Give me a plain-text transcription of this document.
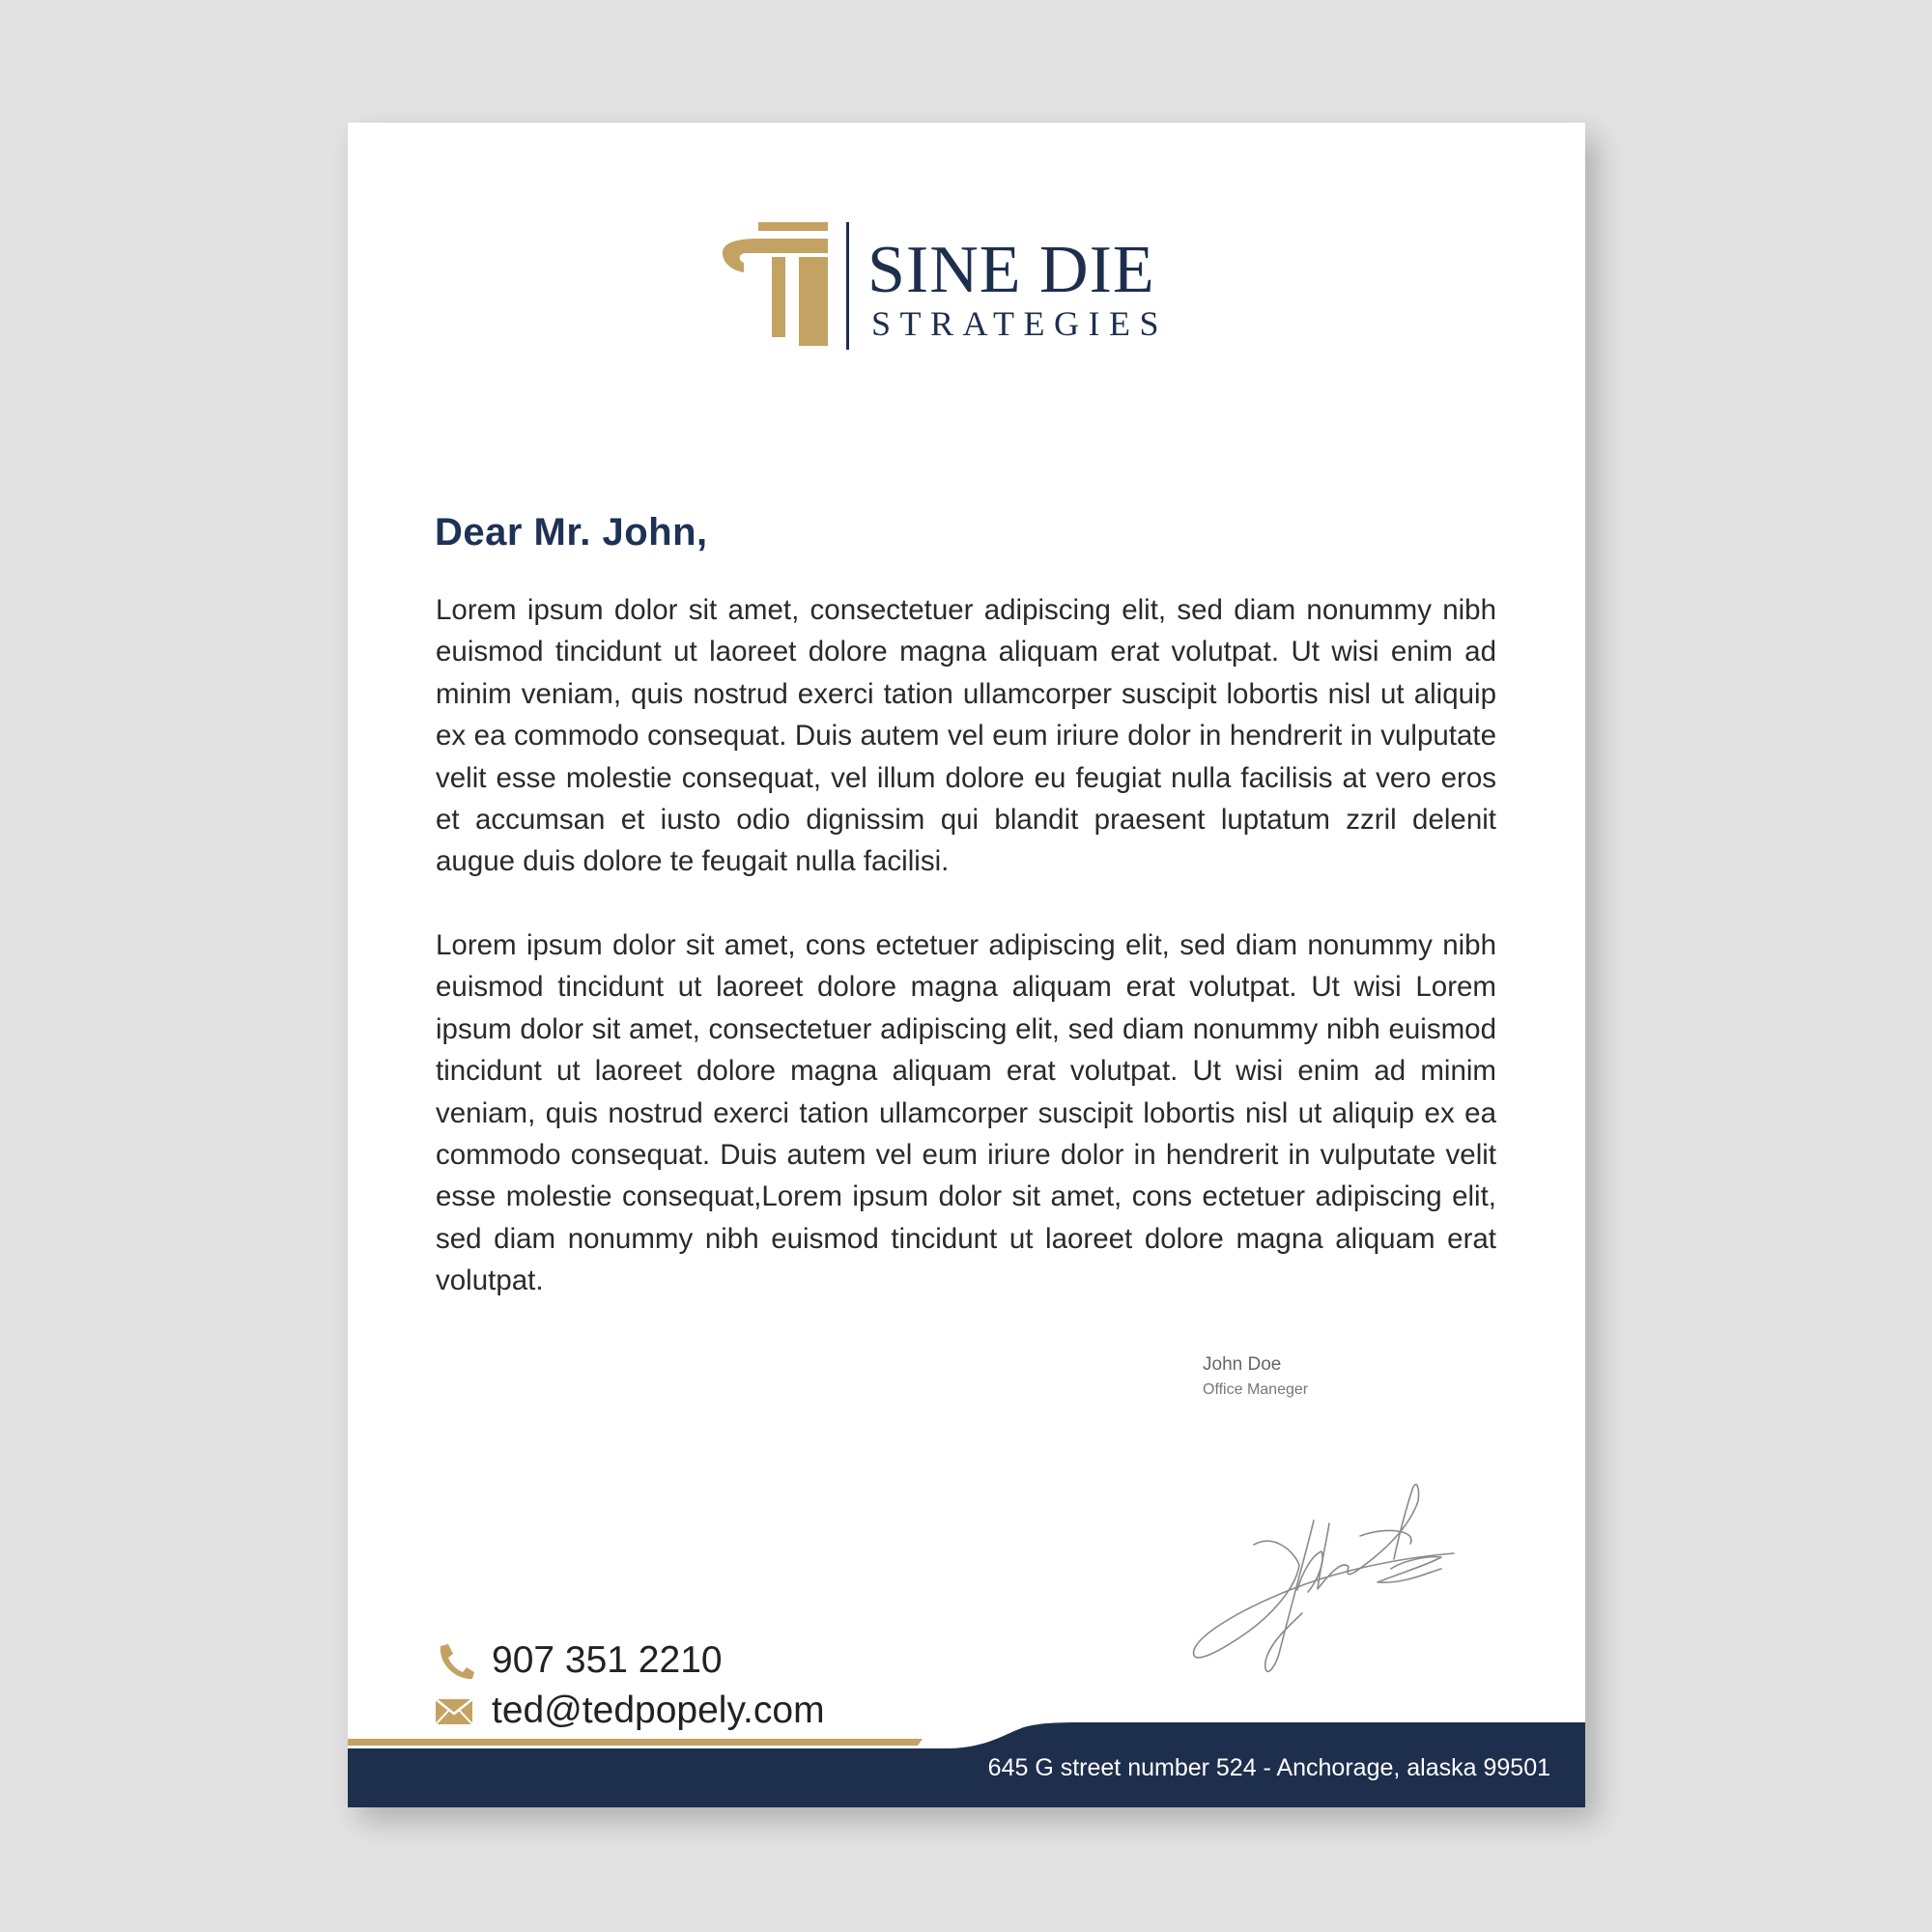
SINE DIE
STRATEGIES
Dear Mr. John,

Lorem ipsum dolor sit amet, consectetuer adipiscing elit, sed diam nonummy nibh euismod tincidunt ut laoreet dolore magna aliquam erat volutpat. Ut wisi enim ad minim veniam, quis nostrud exerci tation ullamcorper suscipit lobortis nisl ut aliquip ex ea commodo consequat. Duis autem vel eum iriure dolor in hendrerit in vulputate velit esse molestie consequat, vel illum dolore eu feugiat nulla facilisis at vero eros et accumsan et iusto odio dignissim qui blandit praesent luptatum zzril delenit augue duis dolore te feugait nulla facilisi.

Lorem ipsum dolor sit amet, cons ectetuer adipiscing elit, sed diam nonummy nibh euismod tincidunt ut laoreet dolore magna aliquam erat volutpat. Ut wisi Lorem ipsum dolor sit amet, consectetuer adipiscing elit, sed diam nonummy nibh euismod tincidunt ut laoreet dolore magna aliquam erat volutpat. Ut wisi enim ad minim veniam, quis nostrud exerci tation ullamcorper suscipit lobortis nisl ut aliquip ex ea commodo consequat. Duis autem vel eum iriure dolor in hendrerit in vulputate velit esse molestie consequat,Lorem ipsum dolor sit amet, cons ectetuer adipiscing elit, sed diam nonummy nibh euismod tincidunt ut laoreet dolore magna aliquam erat volutpat.

John Doe
Office Maneger
907 351 2210
ted@tedpopely.com
645 G street number 524 - Anchorage, alaska 99501
